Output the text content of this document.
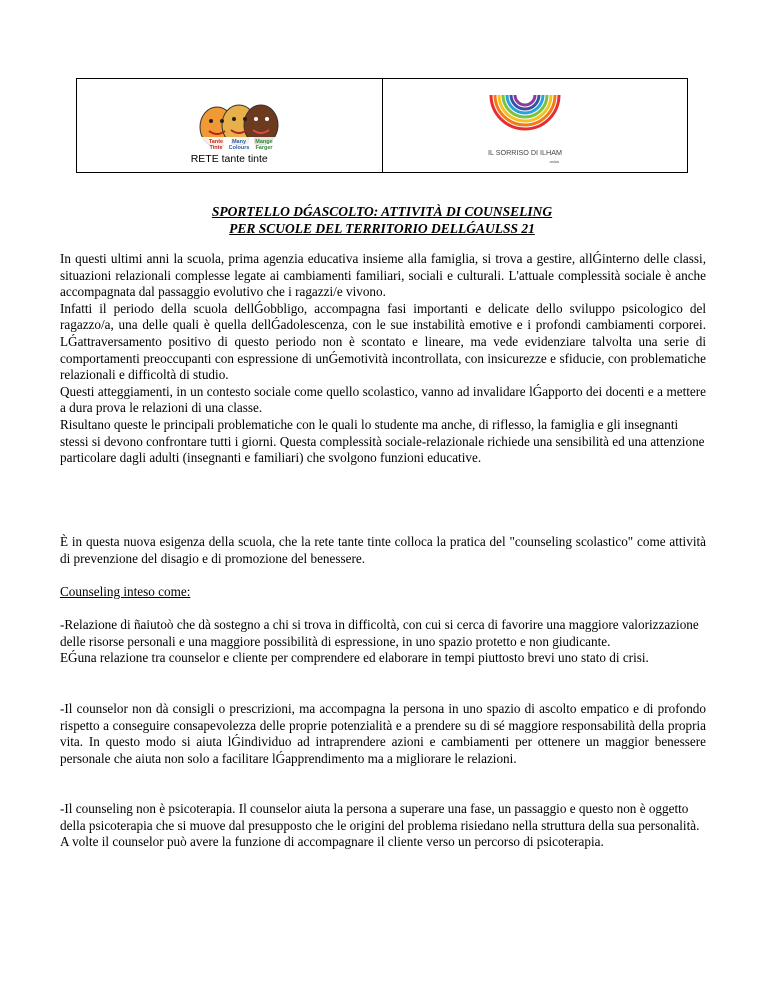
Tante
Tinte
Many
Colours
Mange
Farger
RETE tante tinte
IL SORRISO DI ILHAM
onlus
SPORTELLO DǴASCOLTO: ATTIVITÀ DI COUNSELING
PER SCUOLE DEL TERRITORIO DELLǴAULSS 21

In questi ultimi anni la scuola, prima agenzia educativa insieme alla famiglia, si trova a gestire, allǴinterno delle classi, situazioni relazionali complesse legate ai cambiamenti familiari, sociali e culturali. L'attuale complessità sociale è anche accompagnata dal passaggio evolutivo che i ragazzi/e vivono.

Infatti il periodo della scuola dellǴobbligo, accompagna fasi importanti e delicate dello sviluppo psicologico del ragazzo/a, una delle quali è quella dellǴadolescenza, con le sue instabilità emotive e i profondi cambiamenti corporei. LǴattraversamento positivo di questo periodo non è scontato e lineare, ma vede evidenziare talvolta una serie di comportamenti preoccupanti con espressione di unǴemotività incontrollata, con insicurezze e sfiducie, con problematiche relazionali e difficoltà di studio.

Questi atteggiamenti, in un contesto sociale come quello scolastico, vanno ad invalidare lǴapporto dei docenti e a mettere a dura prova le relazioni di una classe.

Risultano queste le principali problematiche con le quali lo studente ma anche, di riflesso, la famiglia e gli insegnanti stessi si devono confrontare tutti i giorni. Questa complessità sociale-relazionale richiede una sensibilità ed una attenzione particolare dagli adulti (insegnanti e familiari) che svolgono funzioni educative.

È in questa nuova esigenza della scuola, che la rete tante tinte colloca la pratica del "counseling scolastico" come attività di prevenzione del disagio e di promozione del benessere.

Counseling inteso come:

-Relazione di ñaiutoò che dà sostegno a chi si trova in difficoltà, con cui si cerca di favorire una maggiore valorizzazione delle risorse personali e una maggiore possibilità di espressione, in uno spazio protetto e non giudicante.

EǴuna relazione tra counselor e cliente per comprendere ed elaborare in tempi piuttosto brevi uno stato di crisi.

-Il counselor non dà consigli o prescrizioni, ma accompagna la persona in uno spazio di ascolto empatico e di profondo rispetto a conseguire consapevolezza delle proprie potenzialità e a prendere su di sé maggiore responsabilità della propria vita. In questo modo si aiuta lǴindividuo ad intraprendere azioni e cambiamenti per ottenere un maggior benessere personale che aiuta non solo a facilitare lǴapprendimento ma a migliorare le relazioni.

-Il counseling non è psicoterapia. Il counselor aiuta la persona a superare una fase, un passaggio e questo non è oggetto della psicoterapia che si muove dal presupposto che le origini del problema risiedano nella struttura della sua personalità. A volte il counselor può avere la funzione di accompagnare il cliente verso un percorso di psicoterapia.
